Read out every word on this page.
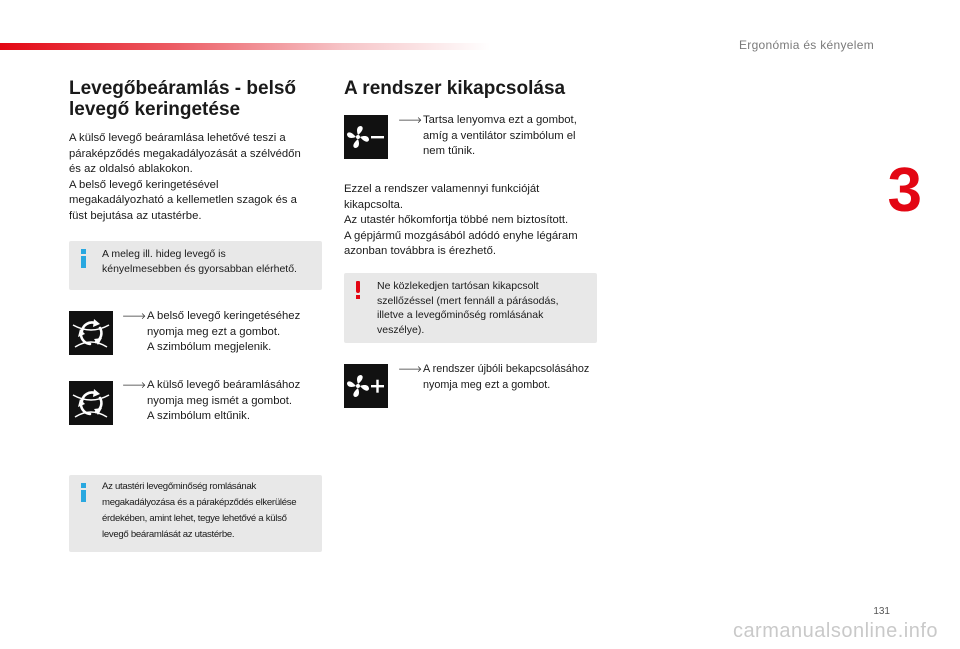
Ergonómia és kényelem
3
Levegőbeáramlás - belső
levegő keringetése
A külső levegő beáramlása lehetővé teszi a
páraképződés megakadályozását a szélvédőn
és az oldalsó ablakokon.
A belső levegő keringetésével
megakadályozható a kellemetlen szagok és a
füst bejutása az utastérbe.
A meleg ill. hideg levegő is
kényelmesebben és gyorsabban elérhető.
🡒 A belső levegő keringetéséhez
nyomja meg ezt a gombot.
A szimbólum megjelenik.
🡒 A külső levegő beáramlásához
nyomja meg ismét a gombot.
A szimbólum eltűnik.
Az utastéri levegőminőség romlásának
megakadályozása és a páraképződés elkerülése
érdekében, amint lehet, tegye lehetővé a külső
levegő beáramlását az utastérbe.
A rendszer kikapcsolása
🡒 Tartsa lenyomva ezt a gombot,
amíg a ventilátor szimbólum el
nem tűnik.
Ezzel a rendszer valamennyi funkcióját
kikapcsolta.
Az utastér hőkomfortja többé nem biztosított.
A gépjármű mozgásából adódó enyhe légáram
azonban továbbra is érezhető.
Ne közlekedjen tartósan kikapcsolt
szellőzéssel (mert fennáll a párásodás,
illetve a levegőminőség romlásának
veszélye).
🡒 A rendszer újbóli bekapcsolásához
nyomja meg ezt a gombot.
131
carmanualsonline.info
